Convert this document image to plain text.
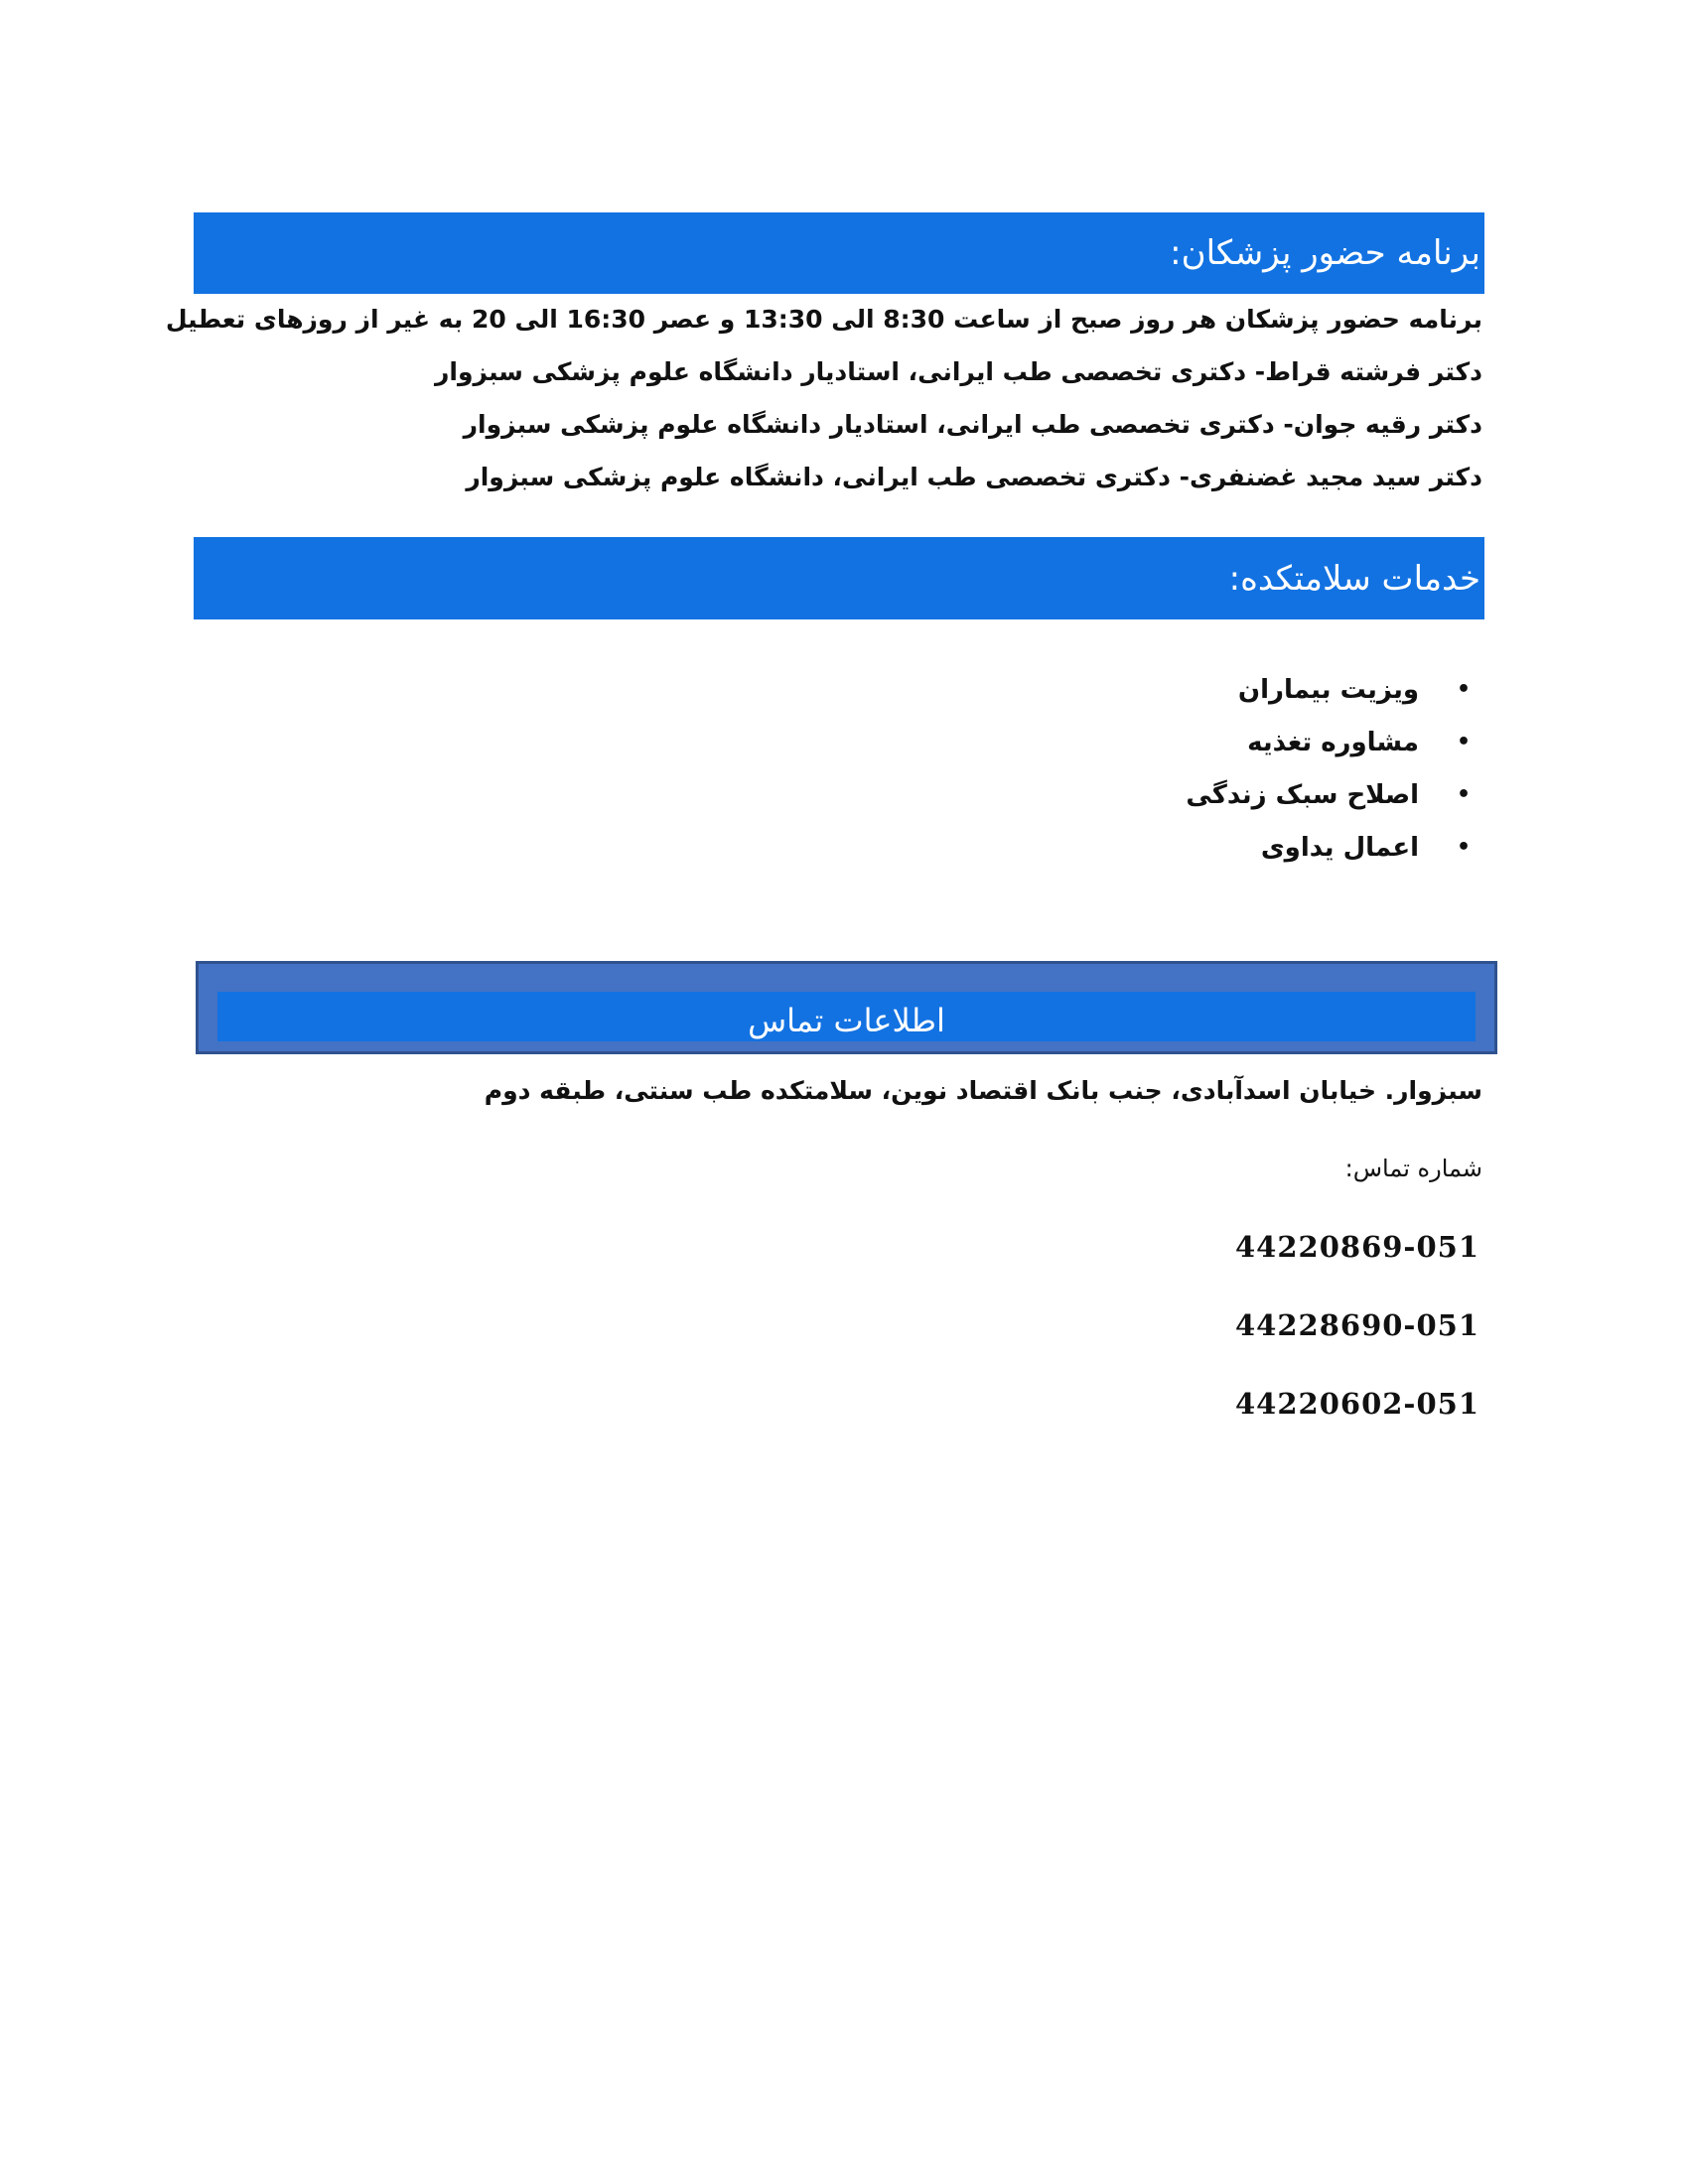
برنامه حضور پزشکان:
برنامه حضور پزشکان هر روز صبح از ساعت 8:30 الی 13:30 و عصر 16:30 الی 20 به غیر از روزهای تعطیل
دکتر فرشته قراط- دکتری تخصصی طب ایرانی، استادیار دانشگاه علوم پزشکی سبزوار
دکتر رقیه جوان- دکتری تخصصی طب ایرانی، استادیار دانشگاه علوم پزشکی سبزوار
دکتر سید مجید غضنفری- دکتری تخصصی طب ایرانی، دانشگاه علوم پزشکی سبزوار
خدمات سلامتکده:
•
ویزیت بیماران
•
مشاوره تغذیه
•
اصلاح سبک زندگی
•
اعمال یداوی
اطلاعات تماس
سبزوار. خیابان اسدآبادی، جنب بانک اقتصاد نوین، سلامتکده طب سنتی، طبقه دوم
شماره تماس:
44220869-051
44228690-051
44220602-051
